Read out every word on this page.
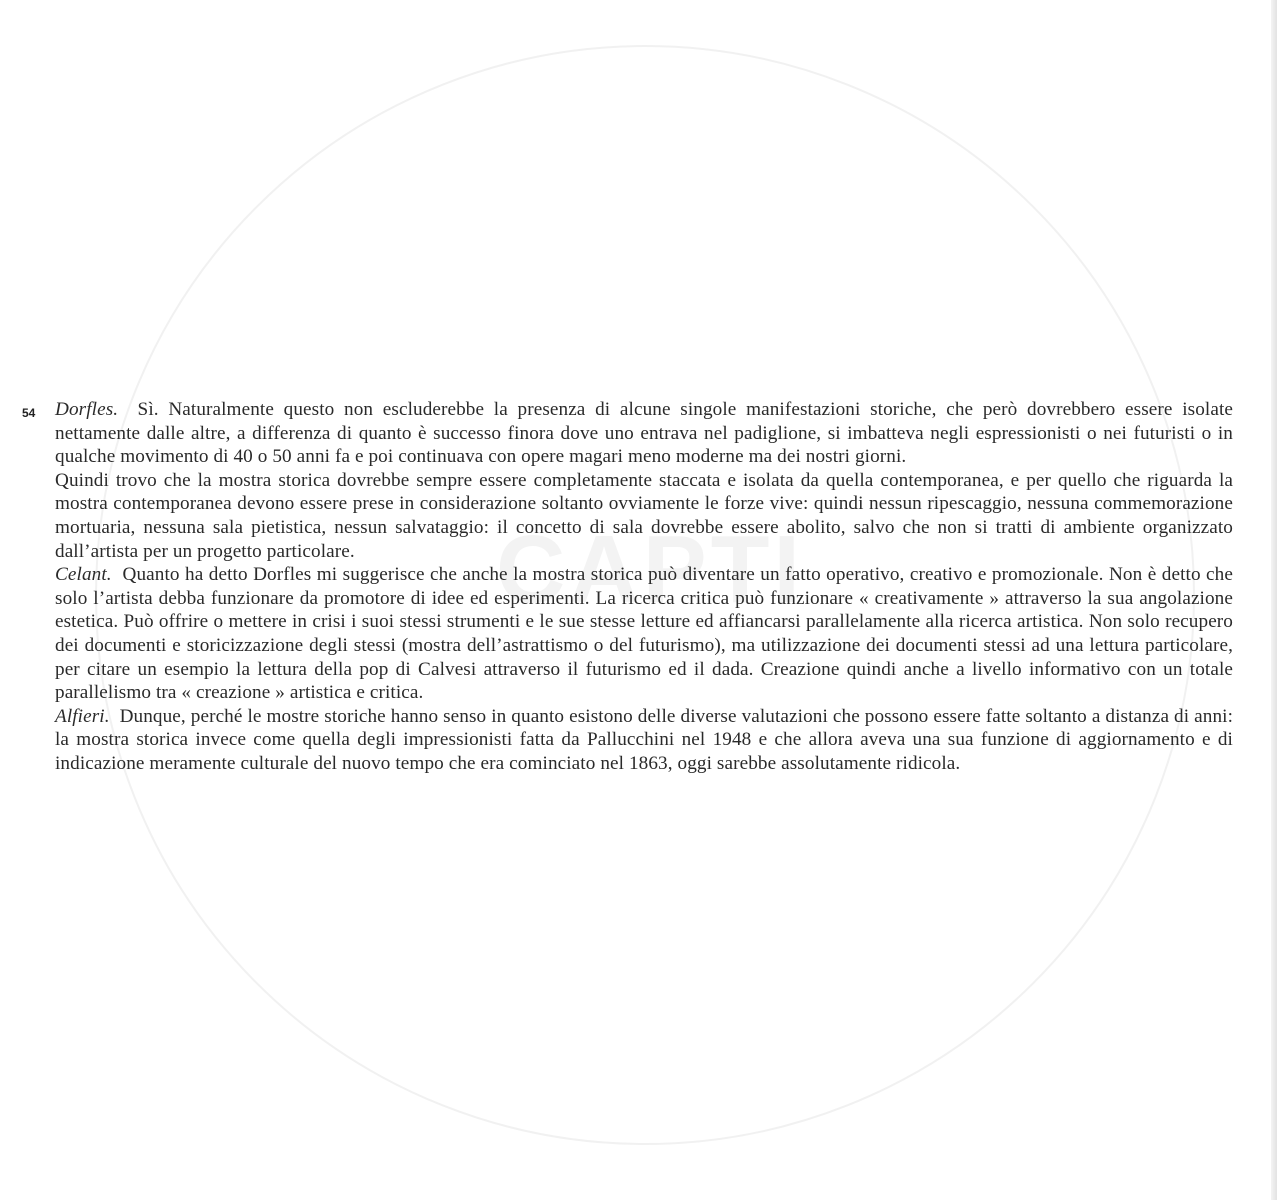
CAPTI
54 Dorfles. Sì. Naturalmente questo non escluderebbe la presenza di alcune singole manifestazioni storiche, che però dovrebbero essere isolate nettamente dalle altre, a differenza di quanto è successo finora dove uno entrava nel padiglione, si imbatteva negli espressionisti o nei futuristi o in qualche movimento di 40 o 50 anni fa e poi continuava con opere magari meno moderne ma dei nostri giorni.

Quindi trovo che la mostra storica dovrebbe sempre essere completamente staccata e isolata da quella contemporanea, e per quello che riguarda la mostra contemporanea devono essere prese in considerazione soltanto ovviamente le forze vive: quindi nessun ripescaggio, nessuna commemorazione mortuaria, nessuna sala pietistica, nessun salvataggio: il concetto di sala dovrebbe essere abolito, salvo che non si tratti di ambiente organizzato dall’artista per un progetto particolare.

Celant. Quanto ha detto Dorfles mi suggerisce che anche la mostra storica può diventare un fatto operativo, creativo e promozionale. Non è detto che solo l’artista debba funzionare da promotore di idee ed esperimenti. La ricerca critica può funzionare « creativamente » attraverso la sua angolazione estetica. Può offrire o mettere in crisi i suoi stessi strumenti e le sue stesse letture ed affiancarsi parallelamente alla ricerca artistica. Non solo recupero dei documenti e storicizzazione degli stessi (mostra dell’astrattismo o del futurismo), ma utilizzazione dei documenti stessi ad una lettura particolare, per citare un esempio la lettura della pop di Calvesi attraverso il futurismo ed il dada. Creazione quindi anche a livello informativo con un totale parallelismo tra « creazione » artistica e critica.

Alfieri. Dunque, perché le mostre storiche hanno senso in quanto esistono delle diverse valutazioni che possono essere fatte soltanto a distanza di anni: la mostra storica invece come quella degli impressionisti fatta da Pallucchini nel 1948 e che allora aveva una sua funzione di aggiornamento e di indicazione meramente culturale del nuovo tempo che era cominciato nel 1863, oggi sarebbe assolutamente ridicola.
